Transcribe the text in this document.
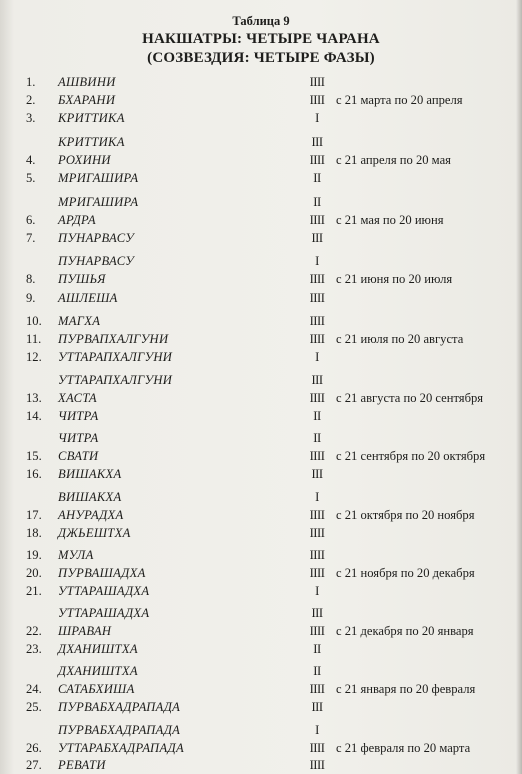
Таблица 9
НАКШАТРЫ: ЧЕТЫРЕ ЧАРАНА
(СОЗВЕЗДИЯ: ЧЕТЫРЕ ФАЗЫ)
1.	АШВИНИ	IIII
2.	БХАРАНИ	IIII с 21 марта по 20 апреля
3.	КРИТТИКА	I
КРИТТИКА	III
4.	РОХИНИ	IIII с 21 апреля по 20 мая
5.	МРИГАШИРА	II
МРИГАШИРА	II
6.	АРДРА	IIII с 21 мая по 20 июня
7.	ПУНАРВАСУ	III
ПУНАРВАСУ	I
8.	ПУШЬЯ	IIII с 21 июня по 20 июля
9.	АШЛЕША	IIII
10.	МАГХА	IIII
11.	ПУРВАПХАЛГУНИ	IIII с 21 июля по 20 августа
12.	УТТАРАПХАЛГУНИ	I
УТТАРАПХАЛГУНИ	III
13.	ХАСТА	IIII с 21 августа по 20 сентября
14.	ЧИТРА	II
ЧИТРА	II
15.	СВАТИ	IIII с 21 сентября по 20 октября
16.	ВИШАКХА	III
ВИШАКХА	I
17.	АНУРАДХА	IIII с 21 октября по 20 ноября
18.	ДЖЬЕШТХА	IIII
19.	МУЛА	IIII
20.	ПУРВАШАДХА	IIII с 21 ноября по 20 декабря
21.	УТТАРАШАДХА	I
УТТАРАШАДХА	III
22.	ШРАВАН	IIII с 21 декабря по 20 января
23.	ДХАНИШТХА	II
ДХАНИШТХА	II
24.	САТАБХИША	IIII с 21 января по 20 февраля
25.	ПУРВАБХАДРАПАДА	III
ПУРВАБХАДРАПАДА	I
26.	УТТАРАБХАДРАПАДА	IIII с 21 февраля по 20 марта
27.	РЕВАТИ	IIII
